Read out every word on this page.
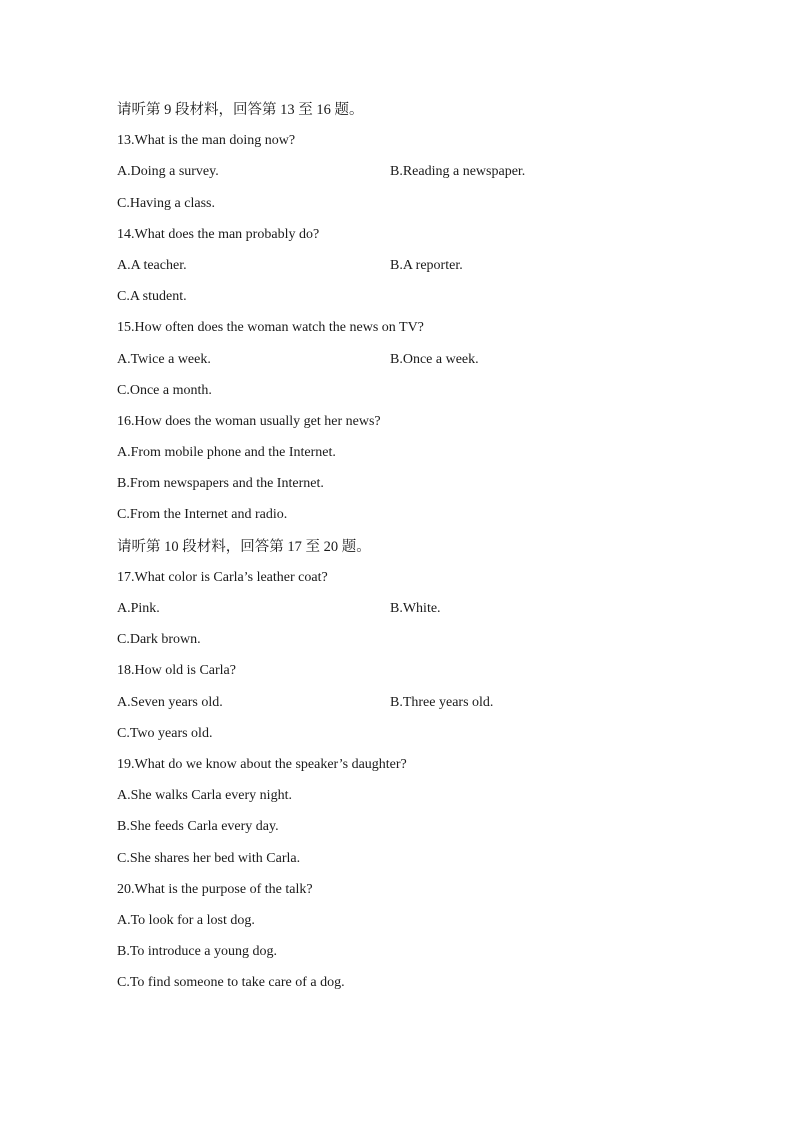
请听第 9 段材料，回答第 13 至 16 题。
13.What is the man doing now?
A.Doing a survey.	B.Reading a newspaper.
C.Having a class.
14.What does the man probably do?
A.A teacher.	B.A reporter.
C.A student.
15.How often does the woman watch the news on TV?
A.Twice a week.	B.Once a week.
C.Once a month.
16.How does the woman usually get her news?
A.From mobile phone and the Internet.
B.From newspapers and the Internet.
C.From the Internet and radio.
请听第 10 段材料，回答第 17 至 20 题。
17.What color is Carla’s leather coat?
A.Pink.	B.White.
C.Dark brown.
18.How old is Carla?
A.Seven years old.	B.Three years old.
C.Two years old.
19.What do we know about the speaker’s daughter?
A.She walks Carla every night.
B.She feeds Carla every day.
C.She shares her bed with Carla.
20.What is the purpose of the talk?
A.To look for a lost dog.
B.To introduce a young dog.
C.To find someone to take care of a dog.
